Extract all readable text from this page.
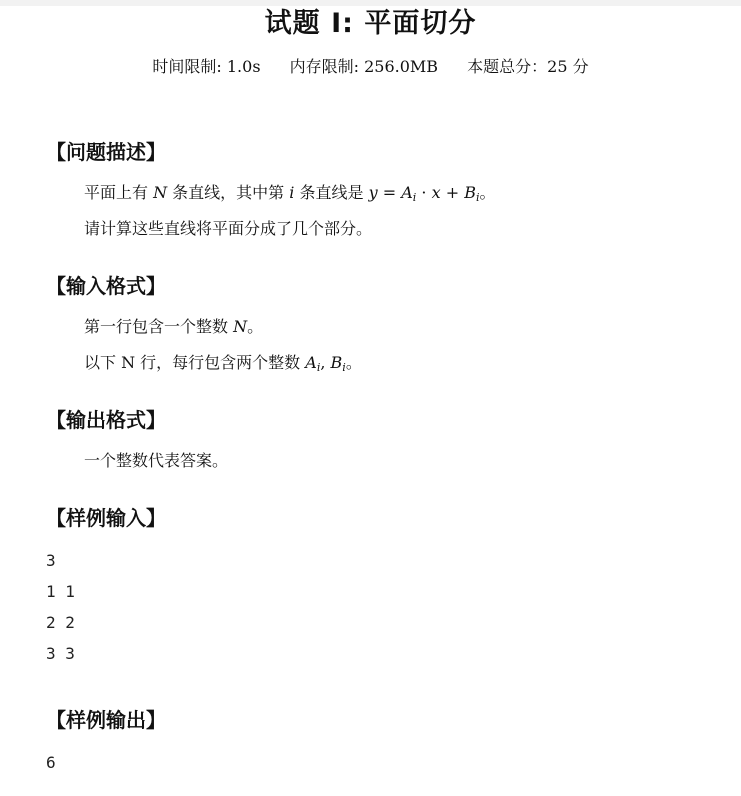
试题 I: 平面切分
时间限制: 1.0s 内存限制: 256.0MB 本题总分：25 分
【问题描述】
平面上有 N 条直线，其中第 i 条直线是 $y = A_i \cdot x + B_i$。
请计算这些直线将平面分成了几个部分。
【输入格式】
第一行包含一个整数 N。
以下 N 行，每行包含两个整数 $A_i$, $B_i$。
【输出格式】
一个整数代表答案。
【样例输入】
3
1 1
2 2
3 3
【样例输出】
6
